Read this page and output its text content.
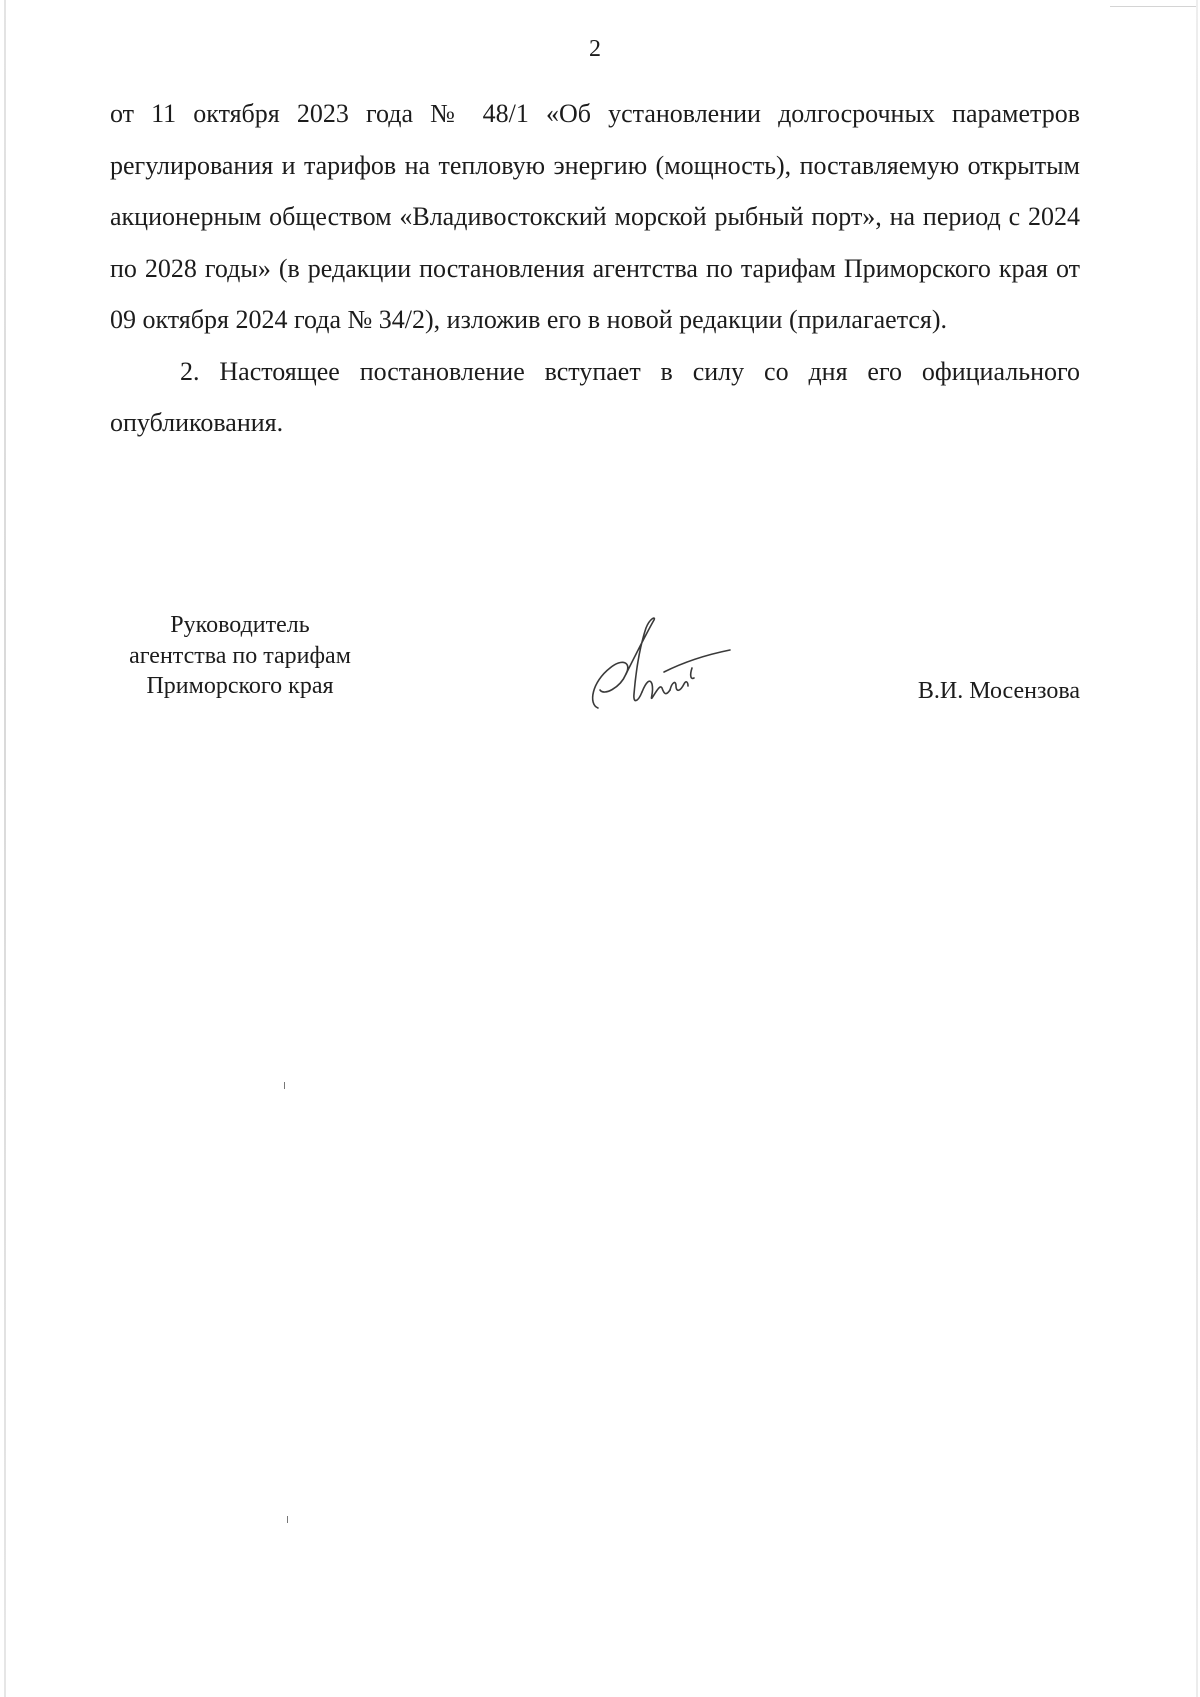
2

от 11 октября 2023 года № 48/1 «Об установлении долгосрочных параметров регулирования и тарифов на тепловую энергию (мощность), поставляемую открытым акционерным обществом «Владивостокский морской рыбный порт», на период с 2024 по 2028 годы» (в редакции постановления агентства по тарифам Приморского края от 09 октября 2024 года № 34/2), изложив его в новой редакции (прилагается).

2. Настоящее постановление вступает в силу со дня его официального опубликования.

Руководитель
агентства по тарифам
Приморского края	В.И. Мосензова
